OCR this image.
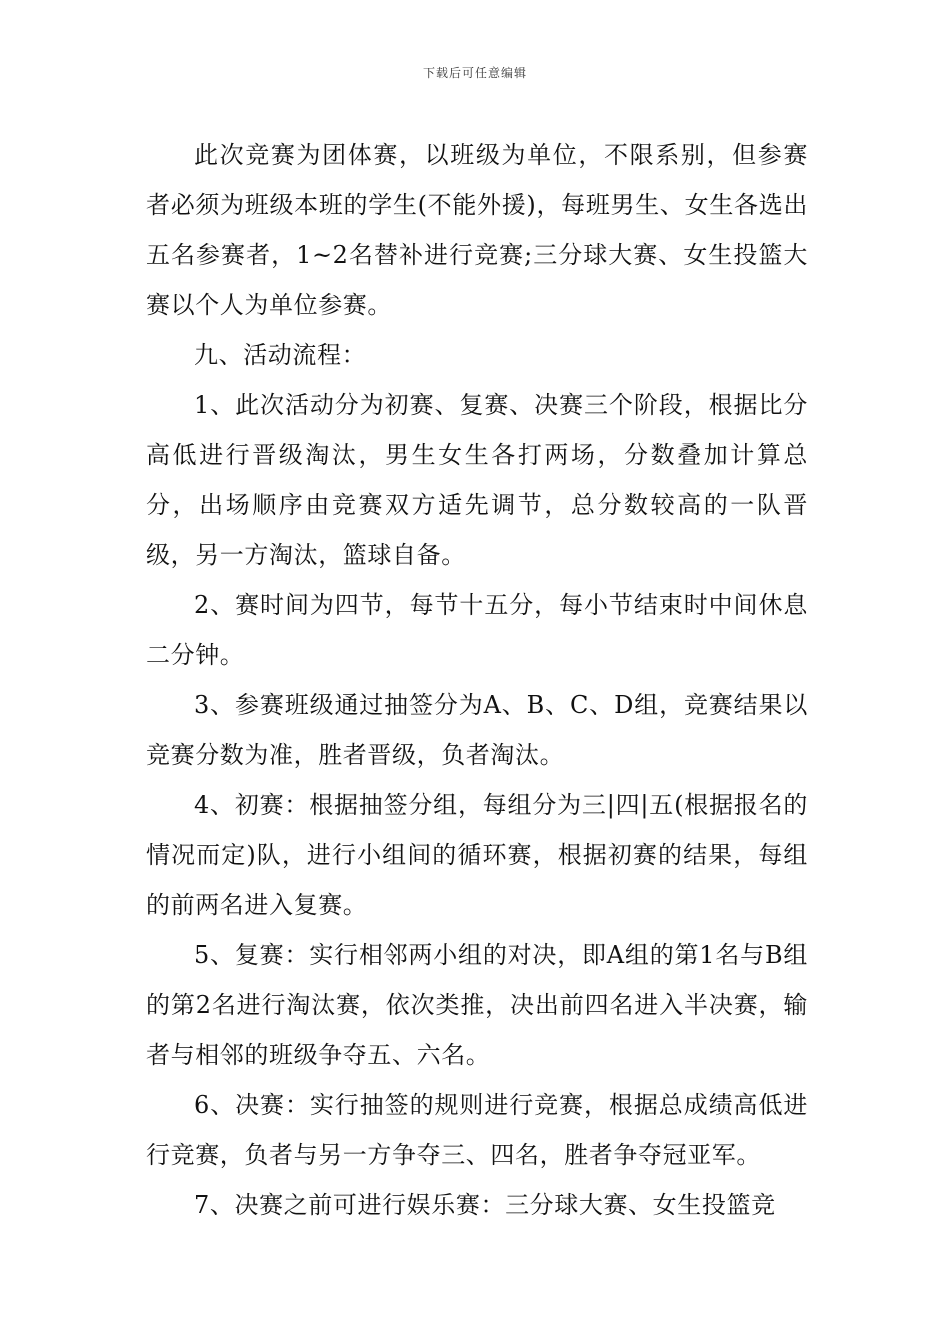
下载后可任意编辑

此次竞赛为团体赛，以班级为单位，不限系别，但参赛者必须为班级本班的学生(不能外援)，每班男生、女生各选出五名参赛者，1~2名替补进行竞赛;三分球大赛、女生投篮大赛以个人为单位参赛。

九、活动流程：

1、此次活动分为初赛、复赛、决赛三个阶段，根据比分高低进行晋级淘汰，男生女生各打两场，分数叠加计算总分，出场顺序由竞赛双方适先调节，总分数较高的一队晋级，另一方淘汰，篮球自备。

2、赛时间为四节，每节十五分，每小节结束时中间休息二分钟。

3、参赛班级通过抽签分为A、B、C、D组，竞赛结果以竞赛分数为准，胜者晋级，负者淘汰。

4、初赛：根据抽签分组，每组分为三|四|五(根据报名的情况而定)队，进行小组间的循环赛，根据初赛的结果，每组的前两名进入复赛。

5、复赛：实行相邻两小组的对决，即A组的第1名与B组的第2名进行淘汰赛，依次类推，决出前四名进入半决赛，输者与相邻的班级争夺五、六名。

6、决赛：实行抽签的规则进行竞赛，根据总成绩高低进行竞赛，负者与另一方争夺三、四名，胜者争夺冠亚军。

7、决赛之前可进行娱乐赛：三分球大赛、女生投篮竞
